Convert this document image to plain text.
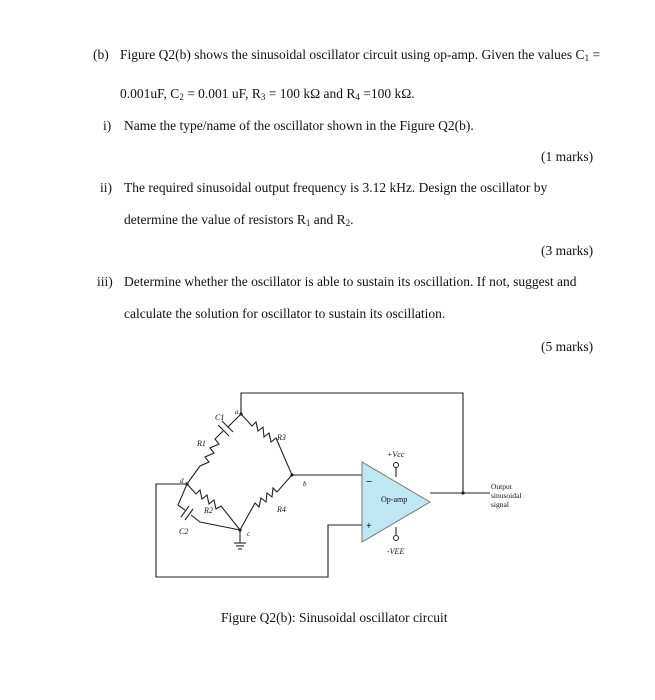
(b) Figure Q2(b) shows the sinusoidal oscillator circuit using op-amp. Given the values $C_1$ =
0.001uF, $C_2 = 0.001$ uF, $R_3 = 100$ kΩ and $R_4 =100$ kΩ.
i) Name the type/name of the oscillator shown in the Figure Q2(b).
(1 marks)
ii) The required sinusoidal output frequency is 3.12 kHz. Design the oscillator by
determine the value of resistors $R_1$ and $R_2$.
(3 marks)
iii) Determine whether the oscillator is able to sustain its oscillation. If not, suggest and
calculate the solution for oscillator to sustain its oscillation.
(5 marks)
+Vcc
-VEE
Op-amp
−
+
Output
sinusoidal
signal
C1
R1
R3
R2	R4
C2
a
b
c
d
Figure Q2(b): Sinusoidal oscillator circuit
